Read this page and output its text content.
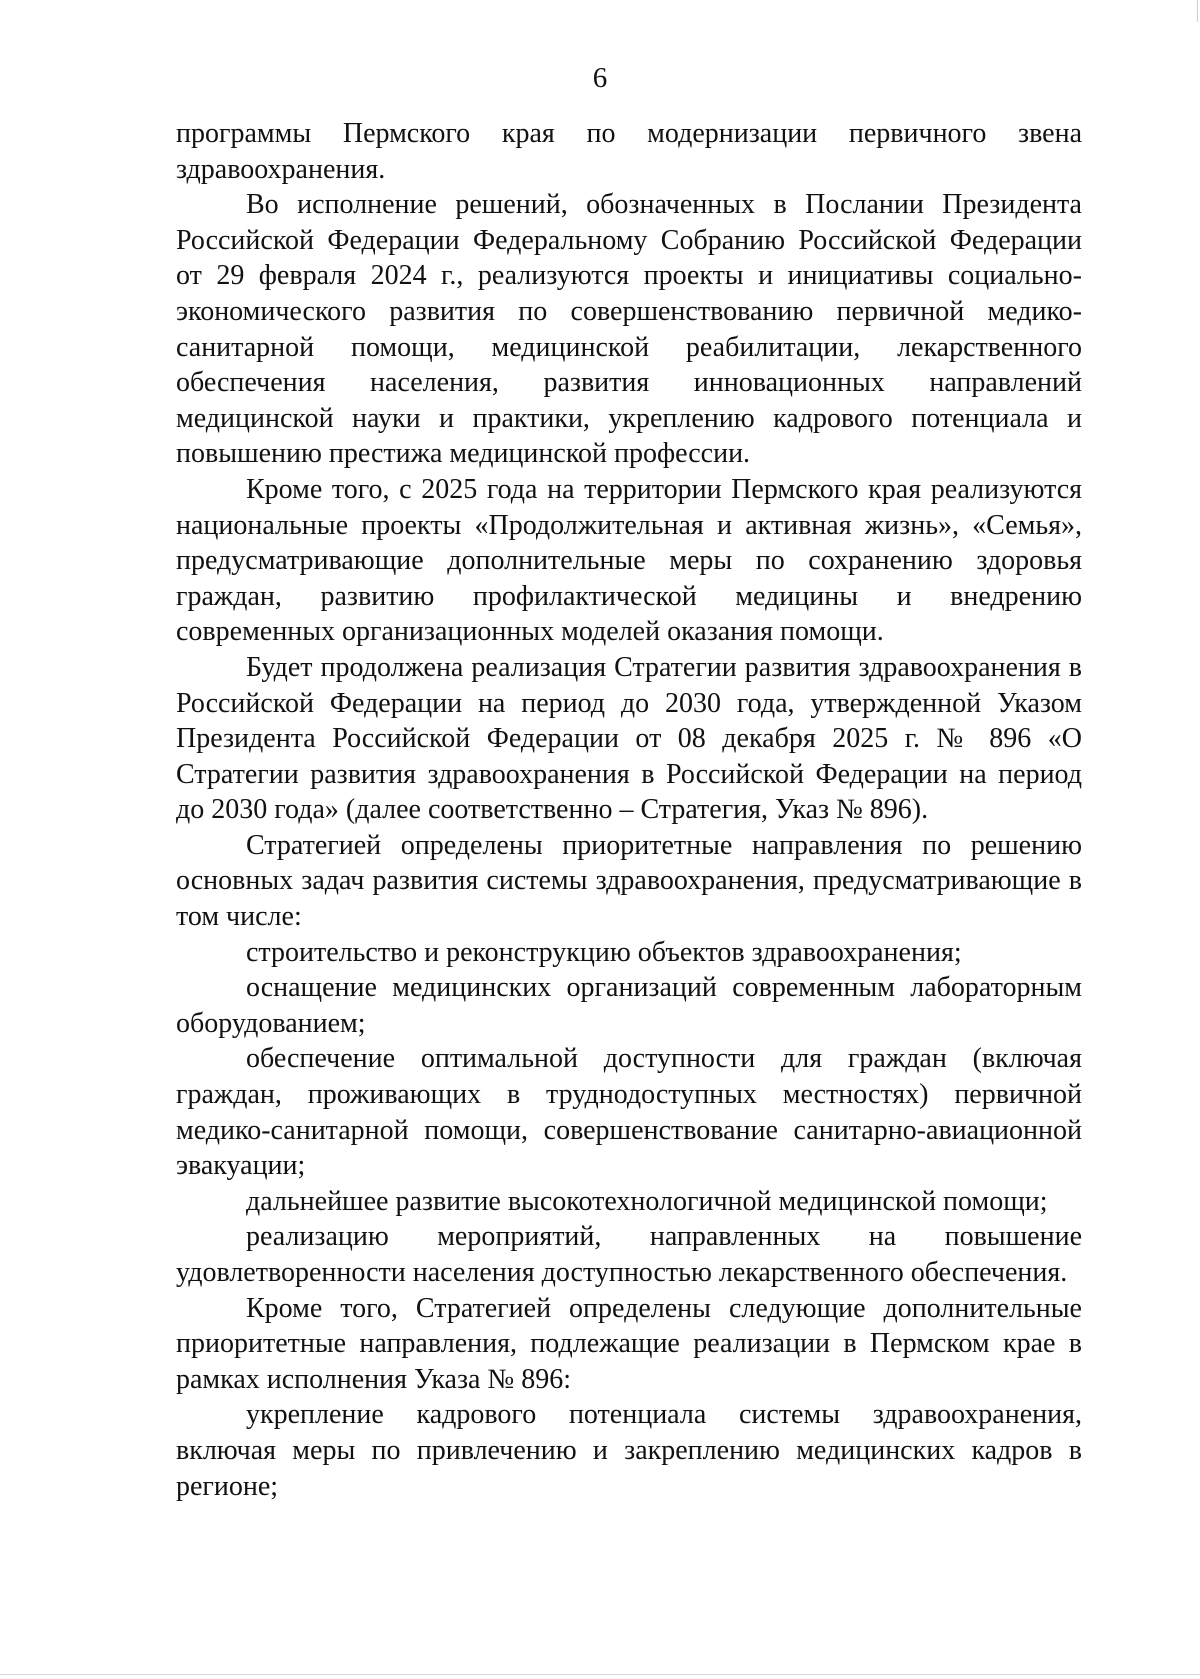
6

программы Пермского края по модернизации первичного звена здравоохранения.

Во исполнение решений, обозначенных в Послании Президента Российской Федерации Федеральному Собранию Российской Федерации от 29 февраля 2024 г., реализуются проекты и инициативы социально-экономического развития по совершенствованию первичной медико-санитарной помощи, медицинской реабилитации, лекарственного обеспечения населения, развития инновационных направлений медицинской науки и практики, укреплению кадрового потенциала и повышению престижа медицинской профессии.

Кроме того, с 2025 года на территории Пермского края реализуются национальные проекты «Продолжительная и активная жизнь», «Семья», предусматривающие дополнительные меры по сохранению здоровья граждан, развитию профилактической медицины и внедрению современных организационных моделей оказания помощи.

Будет продолжена реализация Стратегии развития здравоохранения в Российской Федерации на период до 2030 года, утвержденной Указом Президента Российской Федерации от 08 декабря 2025 г. № 896 «О Стратегии развития здравоохранения в Российской Федерации на период до 2030 года» (далее соответственно – Стратегия, Указ № 896).

Стратегией определены приоритетные направления по решению основных задач развития системы здравоохранения, предусматривающие в том числе:

строительство и реконструкцию объектов здравоохранения;

оснащение медицинских организаций современным лабораторным оборудованием;

обеспечение оптимальной доступности для граждан (включая граждан, проживающих в труднодоступных местностях) первичной медико-санитарной помощи, совершенствование санитарно-авиационной эвакуации;

дальнейшее развитие высокотехнологичной медицинской помощи;

реализацию мероприятий, направленных на повышение удовлетворенности населения доступностью лекарственного обеспечения.

Кроме того, Стратегией определены следующие дополнительные приоритетные направления, подлежащие реализации в Пермском крае в рамках исполнения Указа № 896:

укрепление кадрового потенциала системы здравоохранения, включая меры по привлечению и закреплению медицинских кадров в регионе;
